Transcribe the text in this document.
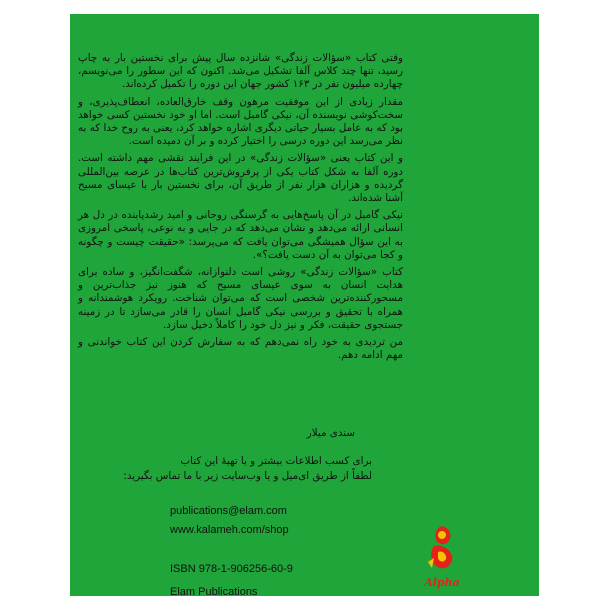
وقتی کتاب «سؤالات زندگی» شانزده سال پیش برای نخستین بار به چاپ رسید، تنها چند کلاس آلفا تشکیل می‌شد. اکنون که این سطور را می‌نویسم، چهارده میلیون نفر در ۱۶۳ کشور جهان این دوره را تکمیل کرده‌اند.

مقدار زیادی از این موفقیت مرهون وقف خارق‌العاده، انعطاف‌پذیری، و سخت‌کوشی نویسنده آن، نیکی گامبل است. اما او خود نخستین کسی خواهد بود که به عامل بسیار حیاتی دیگری اشاره خواهد کرد، یعنی به روح خدا که به نظر می‌رسد این دوره درسی را اختیار کرده و بر آن دمیده است.

و این کتاب یعنی «سؤالات زندگی» در این فرایند نقشی مهم داشته است. دوره آلفا به شکل کتاب یکی از پرفروش‌ترین کتاب‌ها در عرصه بین‌المللی گردیده و هزاران هزار نفر از طریق آن، برای نخستین بار با عیسای مسیح آشنا شده‌اند.

نیکی گامبل در آن پاسخ‌هایی به گرسنگی روحانی و امید رشدیابنده در دل هر انسانی ارائه می‌دهد و نشان می‌دهد که در جایی و به نوعی، پاسخی امروزی به این سؤال همیشگی می‌توان یافت که می‌پرسد: «حقیقت چیست و چگونه و کجا می‌توان به آن دست یافت؟».

کتاب «سؤالات زندگی» روشی است دلنوازانه، شگفت‌انگیز، و ساده برای هدایت انسان به سوی عیسای مسیح که هنوز نیز جذاب‌ترین و مسحورکننده‌ترین شخصی است که می‌توان شناخت. رویکرد هوشمندانه و همراه با تحقیق و بررسی نیکی گامبل انسان را قادر می‌سازد تا در زمینه جستجوی حقیقت، فکر و نیز دل خود را کاملاً دخیل سازد.

من تردیدی به خود راه نمی‌دهم که به سفارش کردن این کتاب خواندنی و مهم ادامه دهم.

سندی میلار
برای کسب اطلاعات بیشتر و یا تهیهٔ این کتاب
لطفاً از طریق ای‌میل و یا وب‌سایت زیر با ما تماس بگیرید:
publications@elam.com
www.kalameh.com/shop
ISBN 978-1-906256-60-9
Elam Publications
Alpha
